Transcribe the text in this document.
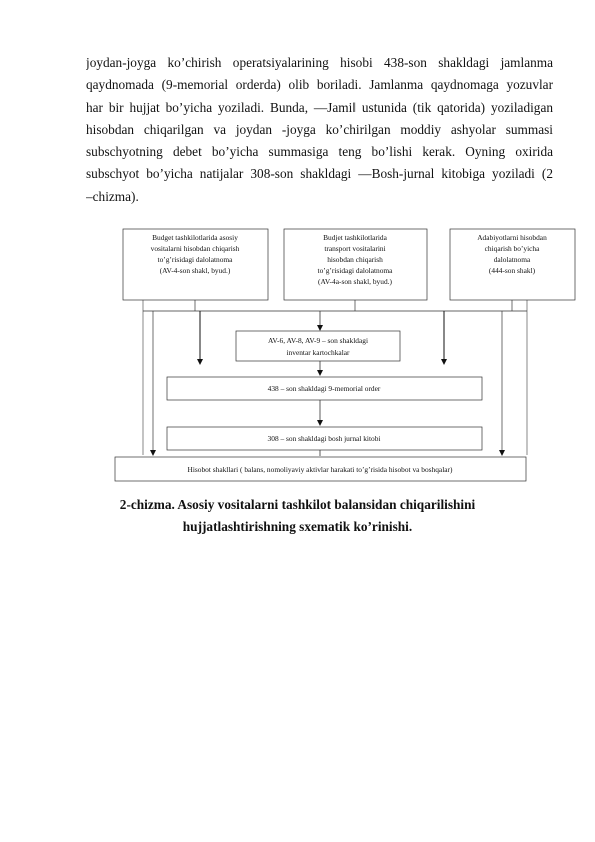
joydan-joyga ko’chirish operatsiyalarining hisobi 438-son shakldagi jamlanma
qaydnomada (9-memorial orderda) olib boriladi. Jamlanma qaydnomaga yozuvlar
har bir hujjat bo’yicha yoziladi. Bunda, ―Jami‖ ustunida (tik qatorida) yoziladigan
hisobdan chiqarilgan va joydan -joyga ko’chirilgan moddiy ashyolar summasi
subschyotning debet bo’yicha summasiga teng bo’lishi kerak. Oyning oxirida
subschyot bo’yicha natijalar 308-son shakldagi ―Bosh-jurnal kitobiga yoziladi (2
–chizma).
Budget tashkilotlarida asosiy
vositalarni hisobdan chiqarish
to’g’risidagi dalolatnoma
(AV-4-son shakl, byud.)
Budjet tashkilotlarida
transport vositalarini
hisobdan chiqarish
to’g’risidagi dalolatnoma
(AV-4a-son shakl, byud.)
Adabiyotlarni hisobdan
chiqarish bo’yicha
dalolatnoma
(444-son shakl)
AV-6, AV-8, AV-9 – son shakldagi
inventar kartochkalar
438 – son shakldagi 9-memorial order
308 – son shakldagi bosh jurnal kitobi
Hisobot shakllari ( balans, nomoliyaviy aktivlar harakati to’g’risida hisobot va boshqalar)

2-chizma. Asosiy vositalarni tashkilot balansidan chiqarilishini

hujjatlashtirishning sxematik ko’rinishi.
